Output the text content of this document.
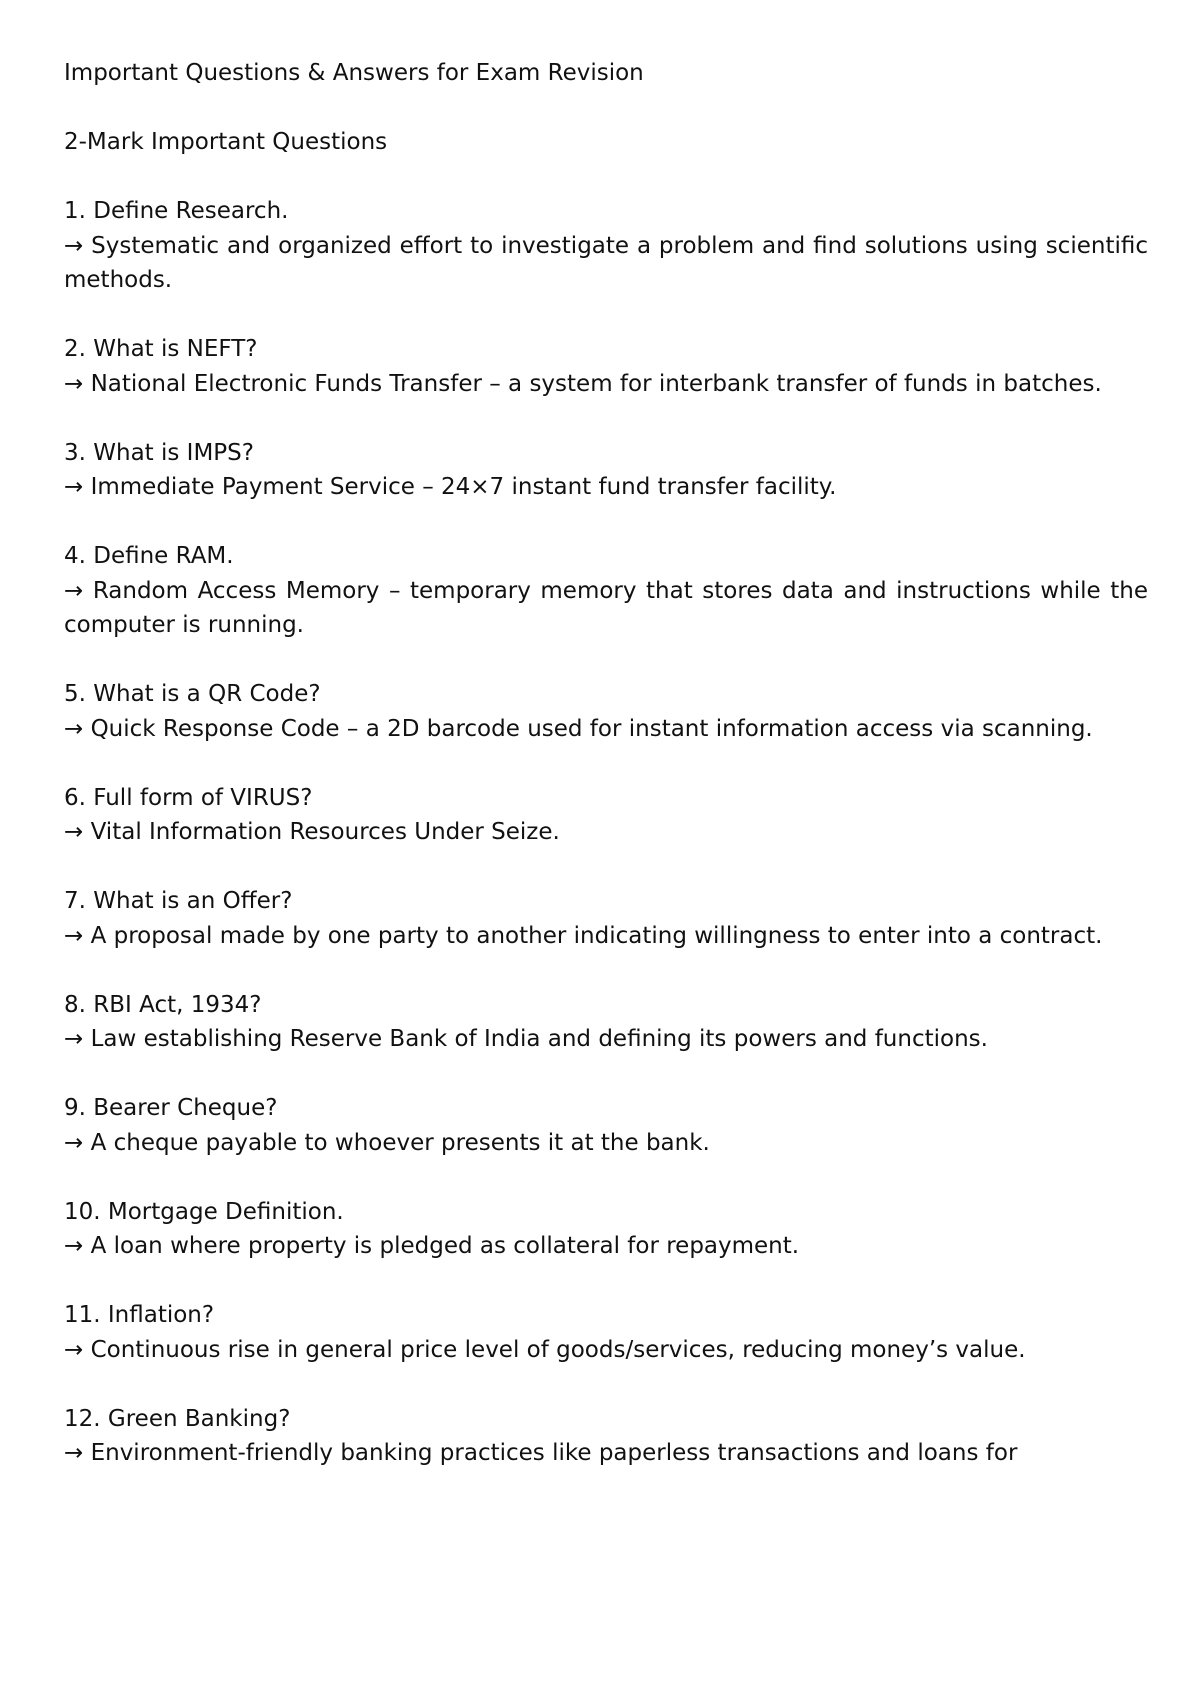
Important Questions & Answers for Exam Revision

2-Mark Important Questions

1. Define Research.

→ Systematic and organized effort to investigate a problem and find solutions using scientific methods.

2. What is NEFT?

→ National Electronic Funds Transfer – a system for interbank transfer of funds in batches.

3. What is IMPS?

→ Immediate Payment Service – 24×7 instant fund transfer facility.

4. Define RAM.

→ Random Access Memory – temporary memory that stores data and instructions while the computer is running.

5. What is a QR Code?

→ Quick Response Code – a 2D barcode used for instant information access via scanning.

6. Full form of VIRUS?

→ Vital Information Resources Under Seize.

7. What is an Offer?

→ A proposal made by one party to another indicating willingness to enter into a contract.

8. RBI Act, 1934?

→ Law establishing Reserve Bank of India and defining its powers and functions.

9. Bearer Cheque?

→ A cheque payable to whoever presents it at the bank.

10. Mortgage Definition.

→ A loan where property is pledged as collateral for repayment.

11. Inflation?

→ Continuous rise in general price level of goods/services, reducing money’s value.

12. Green Banking?

→ Environment-friendly banking practices like paperless transactions and loans for
